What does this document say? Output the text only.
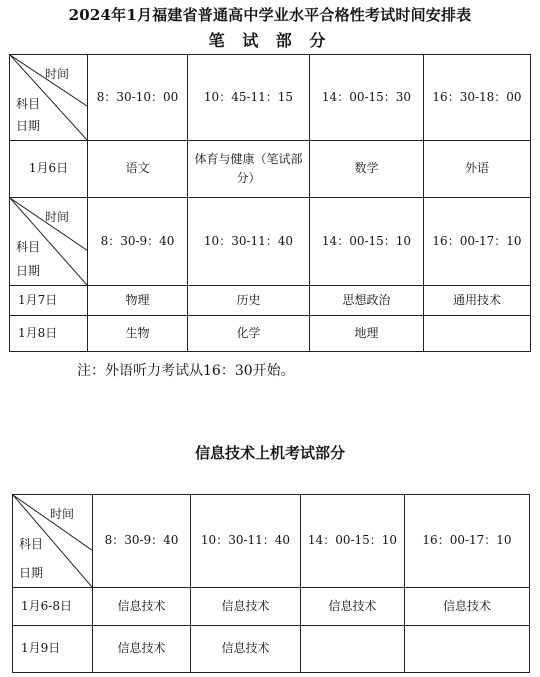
2024年1月福建省普通高中学业水平合格性考试时间安排表
笔 试 部 分
时间
科目
日期	8：30-10：00	10：45-11：15	14：00-15：30	16：30-18：00
1月6日	语文	体育与健康（笔试部分）	数学	外语

时间
科目
日期	8：30-9：40	10：30-11：40	14：00-15：10	16：00-17：10
1月7日	物理	历史	思想政治	通用技术
1月8日	生物	化学	地理	
注：外语听力考试从16：30开始。
信息技术上机考试部分
时间
科目
日期	8：30-9：40	10：30-11：40	14：00-15：10	16：00-17：10
1月6-8日	信息技术	信息技术	信息技术	信息技术
1月9日	信息技术	信息技术		
